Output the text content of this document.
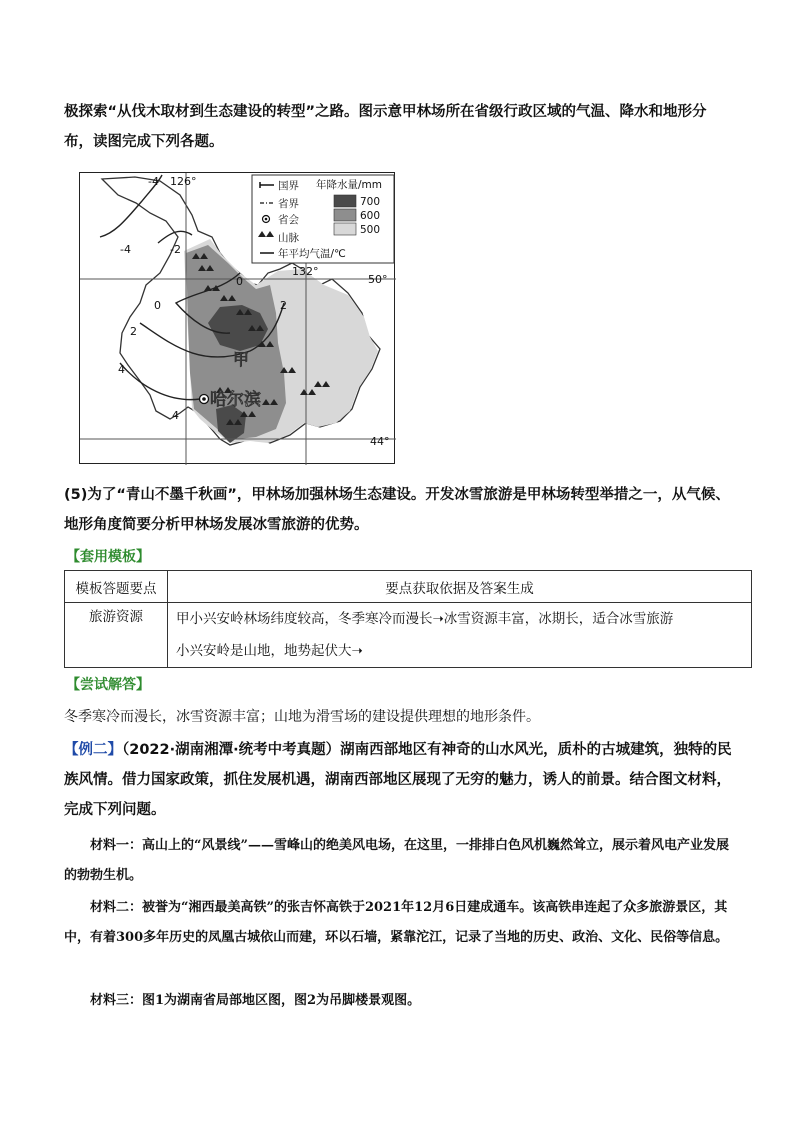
极探索“从伐木取材到生态建设的转型”之路。图示意甲林场所在省级行政区域的气温、降水和地形分布，读图完成下列各题。

国界 年降水量/mm
省界	700
600
省会
500
山脉
年平均气温/℃
126°
132°
50°
44°
-4
-4	-2
0
0	2
2
4
4
甲
哈尔滨

(5)为了“青山不墨千秋画”，甲林场加强林场生态建设。开发冰雪旅游是甲林场转型举措之一，从气候、地形角度简要分析甲林场发展冰雪旅游的优势。

【套用模板】

模板答题要点	要点获取依据及答案生成
旅游资源	甲小兴安岭林场纬度较高，冬季寒冷而漫长➝冰雪资源丰富，冰期长，适合冰雪旅游
小兴安岭是山地，地势起伏大➝

【尝试解答】

冬季寒冷而漫长，冰雪资源丰富；山地为滑雪场的建设提供理想的地形条件。

【例二】（2022·湖南湘潭·统考中考真题）湖南西部地区有神奇的山水风光，质朴的古城建筑，独特的民族风情。借力国家政策，抓住发展机遇，湖南西部地区展现了无穷的魅力，诱人的前景。结合图文材料，完成下列问题。

材料一：高山上的“风景线”——雪峰山的绝美风电场，在这里，一排排白色风机巍然耸立，展示着风电产业发展的勃勃生机。

材料二：被誉为“湘西最美高铁”的张吉怀高铁于2021年12月6日建成通车。该高铁串连起了众多旅游景区，其中，有着300多年历史的凤凰古城依山而建，环以石墙，紧靠沱江，记录了当地的历史、政治、文化、民俗等信息。

材料三：图1为湖南省局部地区图，图2为吊脚楼景观图。
